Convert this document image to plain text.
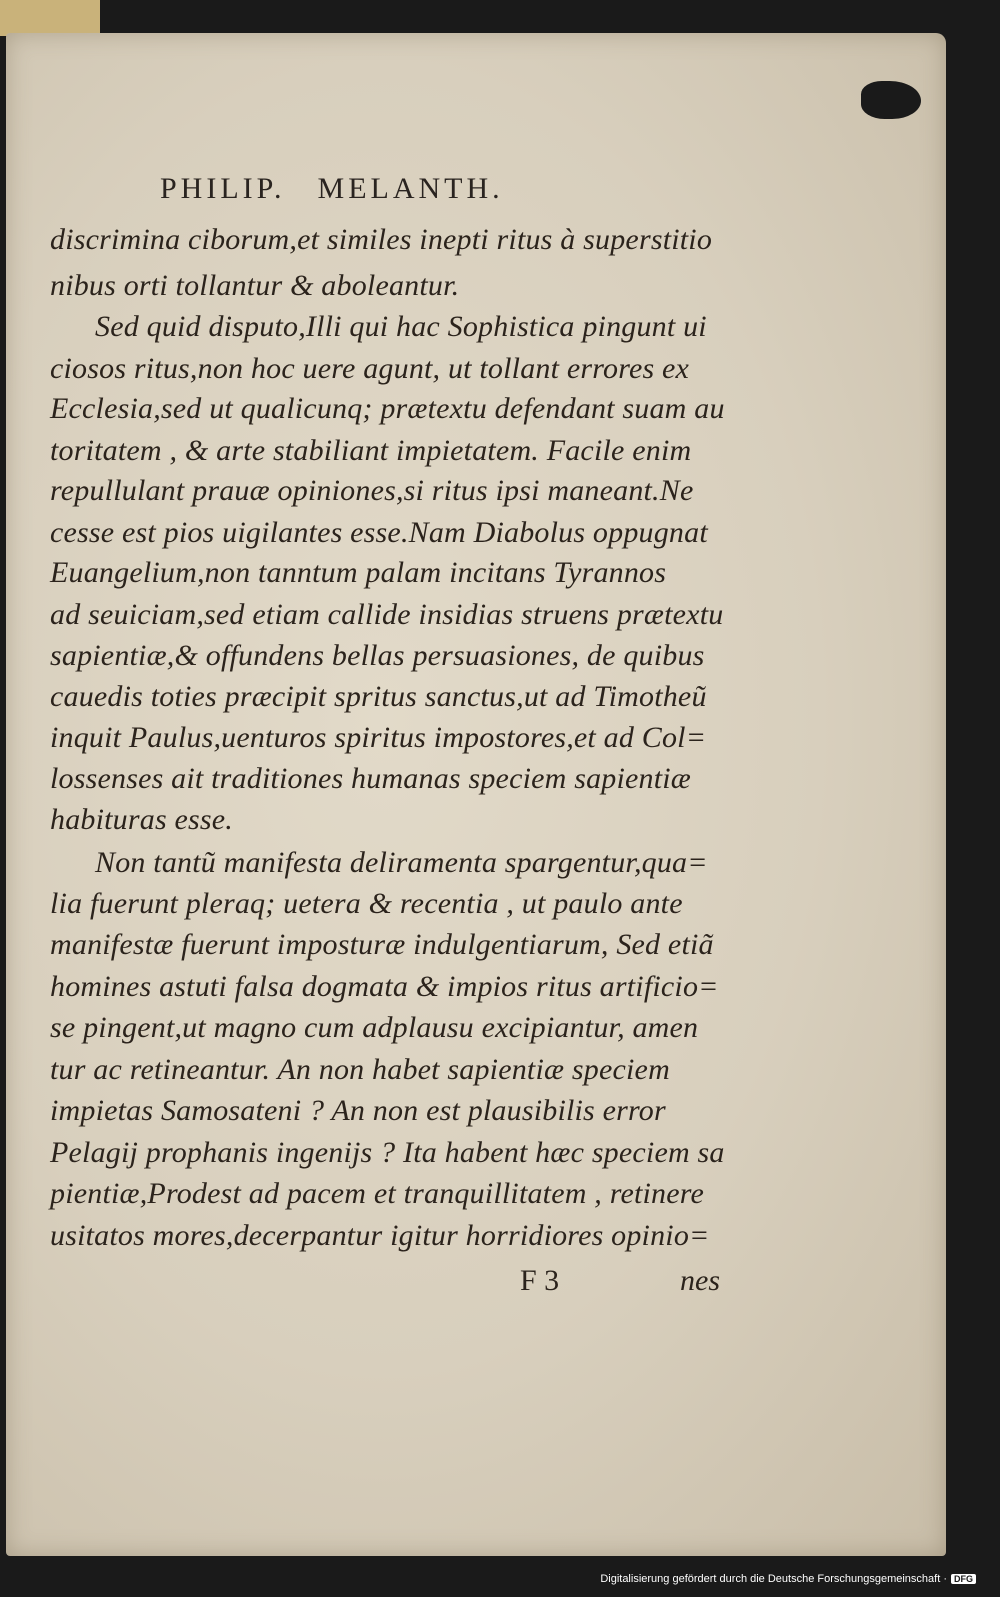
PHILIP. MELANTH.
discrimina ciborum,et similes inepti ritus à superstitio
nibus orti tollantur & aboleantur.
Sed quid disputo,Illi qui hac Sophistica pingunt ui
ciosos ritus,non hoc uere agunt, ut tollant errores ex
Ecclesia,sed ut qualicunq; prætextu defendant suam au
toritatem , & arte stabiliant impietatem. Facile enim
repullulant prauæ opiniones,si ritus ipsi maneant.Ne
cesse est pios uigilantes esse.Nam Diabolus oppugnat
Euangelium,non tanntum palam incitans Tyrannos
ad seuiciam,sed etiam callide insidias struens prætextu
sapientiæ,& offundens bellas persuasiones, de quibus
cauedis toties præcipit spritus sanctus,ut ad Timotheũ
inquit Paulus,uenturos spiritus impostores,et ad Col=
lossenses ait traditiones humanas speciem sapientiæ
habituras esse.
Non tantũ manifesta deliramenta spargentur,qua=
lia fuerunt pleraq; uetera & recentia , ut paulo ante
manifestæ fuerunt imposturæ indulgentiarum, Sed etiã
homines astuti falsa dogmata & impios ritus artificio=
se pingent,ut magno cum adplausu excipiantur, amen
tur ac retineantur. An non habet sapientiæ speciem
impietas Samosateni ? An non est plausibilis error
Pelagij prophanis ingenijs ? Ita habent hæc speciem sa
pientiæ,Prodest ad pacem et tranquillitatem , retinere
usitatos mores,decerpantur igitur horridiores opinio=
F 3	nes
Digitalisierung gefördert durch die Deutsche Forschungsgemeinschaft · DFG
